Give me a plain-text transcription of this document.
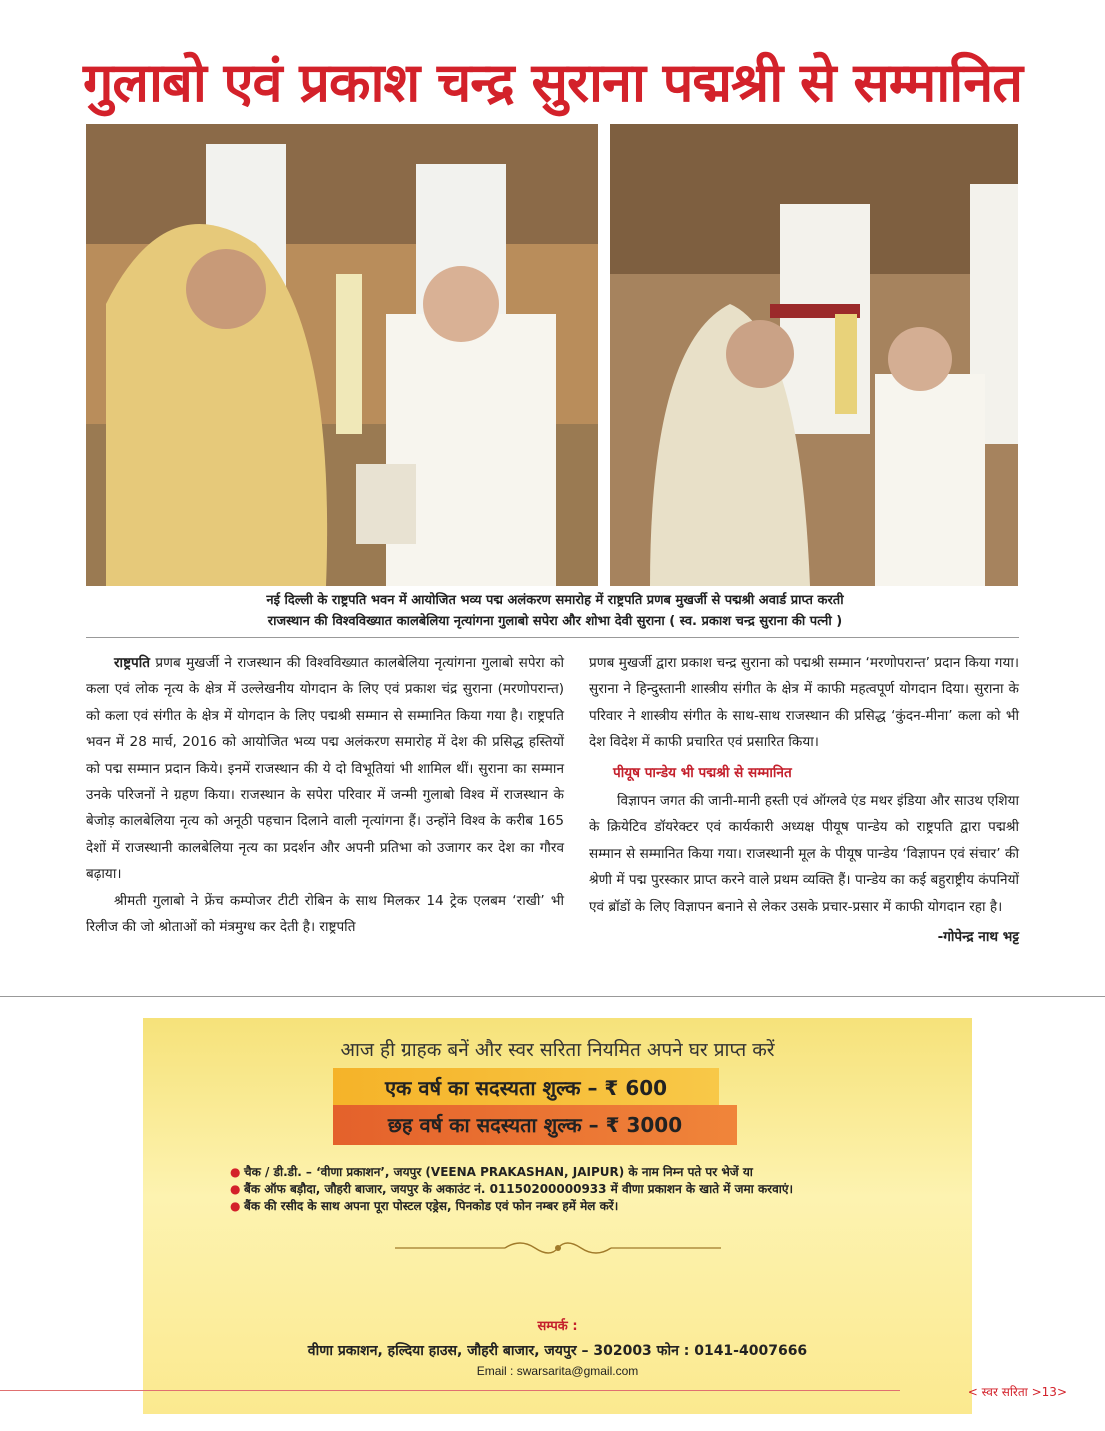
गुलाबो एवं प्रकाश चन्द्र सुराना पद्मश्री से सम्मानित
नई दिल्ली के राष्ट्रपति भवन में आयोजित भव्य पद्म अलंकरण समारोह में राष्ट्रपति प्रणब मुखर्जी से पद्मश्री अवार्ड प्राप्त करती
राजस्थान की विश्वविख्यात कालबेलिया नृत्यांगना गुलाबो सपेरा और शोभा देवी सुराना ( स्व. प्रकाश चन्द्र सुराना की पत्नी )

राष्ट्रपति प्रणब मुखर्जी ने राजस्थान की विश्वविख्यात कालबेलिया नृत्यांगना गुलाबो सपेरा को कला एवं लोक नृत्य के क्षेत्र में उल्लेखनीय योगदान के लिए एवं प्रकाश चंद्र सुराना (मरणोपरान्त) को कला एवं संगीत के क्षेत्र में योगदान के लिए पद्मश्री सम्मान से सम्मानित किया गया है। राष्ट्रपति भवन में 28 मार्च, 2016 को आयोजित भव्य पद्म अलंकरण समारोह में देश की प्रसिद्ध हस्तियों को पद्म सम्मान प्रदान किये। इनमें राजस्थान की ये दो विभूतियां भी शामिल थीं। सुराना का सम्मान उनके परिजनों ने ग्रहण किया। राजस्थान के सपेरा परिवार में जन्मी गुलाबो विश्व में राजस्थान के बेजोड़ कालबेलिया नृत्य को अनूठी पहचान दिलाने वाली नृत्यांगना हैं। उन्होंने विश्व के करीब 165 देशों में राजस्थानी कालबेलिया नृत्य का प्रदर्शन और अपनी प्रतिभा को उजागर कर देश का गौरव बढ़ाया।

श्रीमती गुलाबो ने फ्रेंच कम्पोजर टीटी रोबिन के साथ मिलकर 14 ट्रेक एलबम ‘राखी’ भी रिलीज की जो श्रोताओं को मंत्रमुग्ध कर देती है। राष्ट्रपति

प्रणब मुखर्जी द्वारा प्रकाश चन्द्र सुराना को पद्मश्री सम्मान ‘मरणोपरान्त’ प्रदान किया गया। सुराना ने हिन्दुस्तानी शास्त्रीय संगीत के क्षेत्र में काफी महत्वपूर्ण योगदान दिया। सुराना के परिवार ने शास्त्रीय संगीत के साथ-साथ राजस्थान की प्रसिद्ध ‘कुंदन-मीना’ कला को भी देश विदेश में काफी प्रचारित एवं प्रसारित किया।

पीयूष पान्डेय भी पद्मश्री से सम्मानित

विज्ञापन जगत की जानी-मानी हस्ती एवं ऑग्लवे एंड मथर इंडिया और साउथ एशिया के क्रियेटिव डॉयरेक्टर एवं कार्यकारी अध्यक्ष पीयूष पान्डेय को राष्ट्रपति द्वारा पद्मश्री सम्मान से सम्मानित किया गया। राजस्थानी मूल के पीयूष पान्डेय ‘विज्ञापन एवं संचार’ की श्रेणी में पद्म पुरस्कार प्राप्त करने वाले प्रथम व्यक्ति हैं। पान्डेय का कई बहुराष्ट्रीय कंपनियों एवं ब्रॉडों के लिए विज्ञापन बनाने से लेकर उसके प्रचार-प्रसार में काफी योगदान रहा है।

-गोपेन्द्र नाथ भट्ट
आज ही ग्राहक बनें और स्वर सरिता नियमित अपने घर प्राप्त करें
एक वर्ष का सदस्यता शुल्क – ₹ 600
छह वर्ष का सदस्यता शुल्क – ₹ 3000
● चैक / डी.डी. – ‘वीणा प्रकाशन’, जयपुर (VEENA PRAKASHAN, JAIPUR) के नाम निम्न पते पर भेजें या
● बैंक ऑफ बड़ौदा, जौहरी बाजार, जयपुर के अकाउंट नं. 01150200000933 में वीणा प्रकाशन के खाते में जमा करवाएं।
● बैंक की रसीद के साथ अपना पूरा पोस्टल एड्रेस, पिनकोड एवं फोन नम्बर हमें मेल करें।
सम्पर्क :
वीणा प्रकाशन, हल्दिया हाउस, जौहरी बाजार, जयपुर – 302003 फोन : 0141-4007666
Email : swarsarita@gmail.com
< स्वर सरिता >13>
